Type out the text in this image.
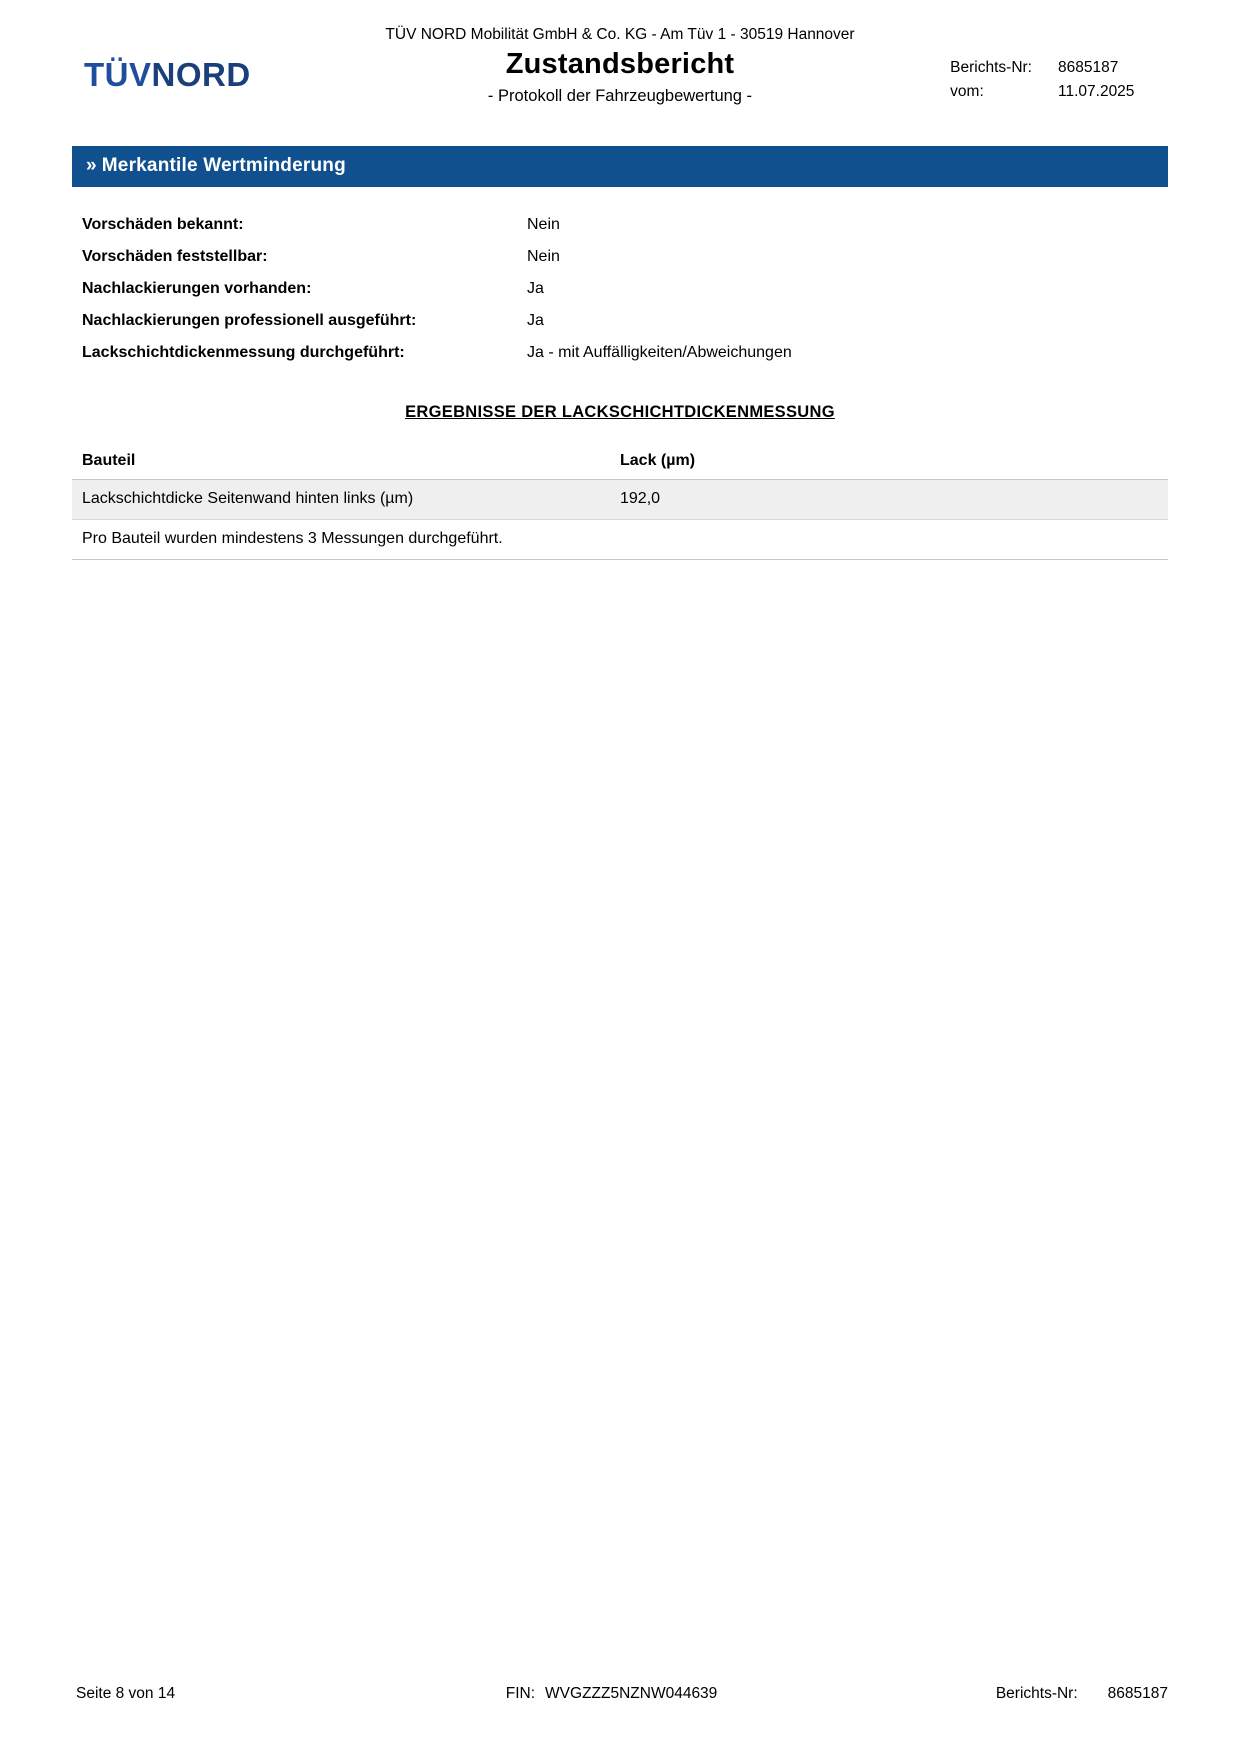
TÜV NORD Mobilität GmbH & Co. KG - Am Tüv 1 - 30519 Hannover
TÜVNORD	Zustandsbericht
- Protokoll der Fahrzeugbewertung -
Berichts-Nr:	8685187
vom:	11.07.2025
» Merkantile Wertminderung
Vorschäden bekannt:	Nein
Vorschäden feststellbar:	Nein
Nachlackierungen vorhanden:	Ja
Nachlackierungen professionell ausgeführt:	Ja
Lackschichtdickenmessung durchgeführt:	Ja - mit Auffälligkeiten/Abweichungen
ERGEBNISSE DER LACKSCHICHTDICKENMESSUNG
Bauteil	Lack (µm)
Lackschichtdicke Seitenwand hinten links (µm)	192,0
Pro Bauteil wurden mindestens 3 Messungen durchgeführt.	
Seite 8 von 14	FIN: WVGZZZ5NZNW044639	Berichts-Nr: 8685187
